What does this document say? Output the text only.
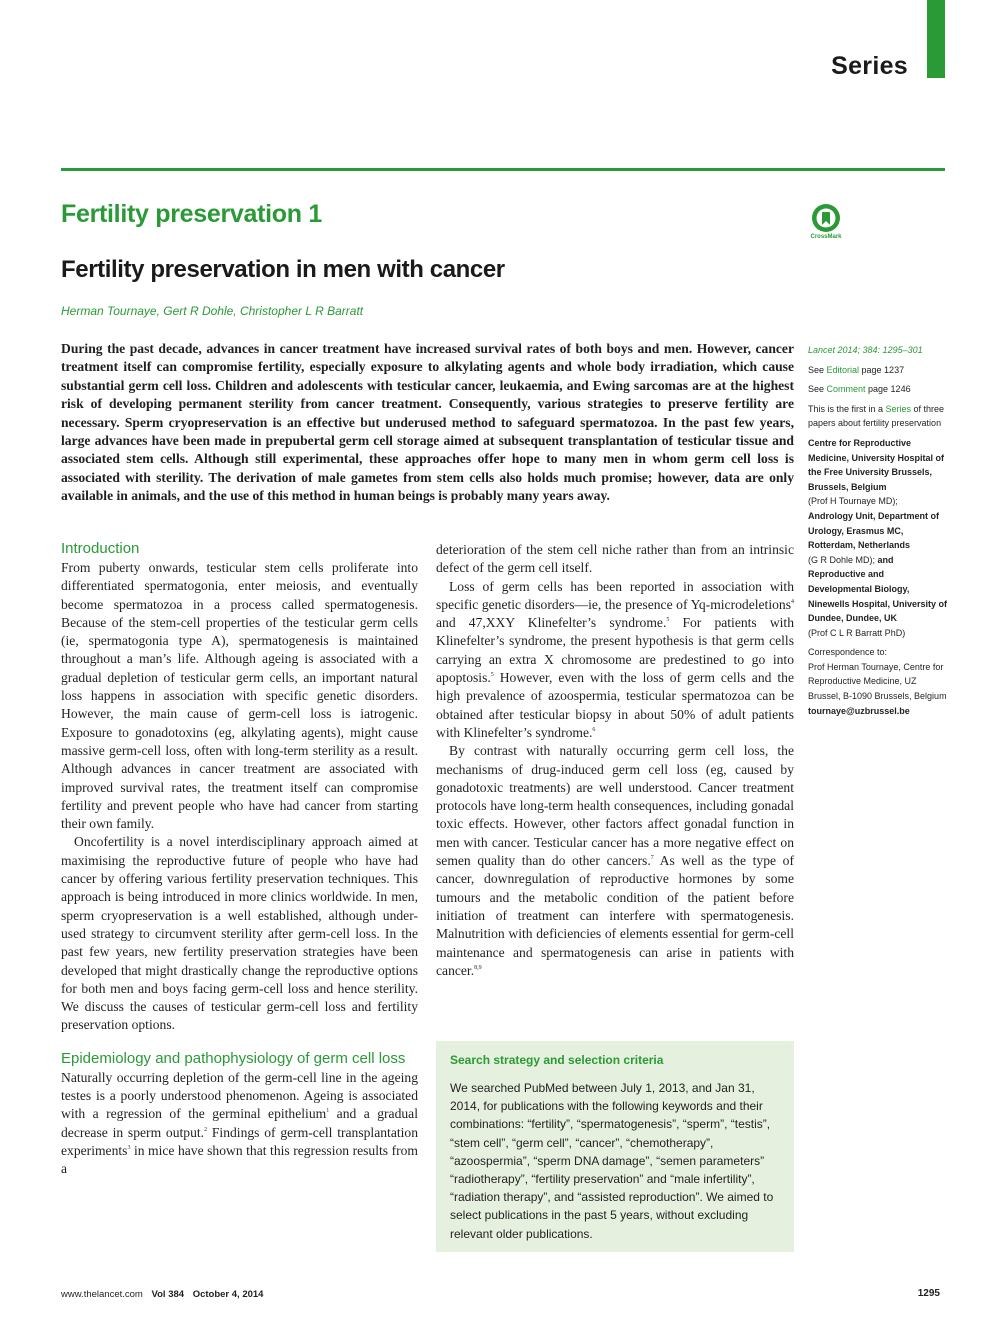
Series
Fertility preservation 1
CrossMark
Fertility preservation in men with cancer
Herman Tournaye, Gert R Dohle, Christopher L R Barratt

During the past decade, advances in cancer treatment have increased survival rates of both boys and men. However, cancer treatment itself can compromise fertility, especially exposure to alkylating agents and whole body irradiation, which cause substantial germ cell loss. Children and adolescents with testicular cancer, leukaemia, and Ewing sarcomas are at the highest risk of developing permanent sterility from cancer treatment. Consequently, various strategies to preserve fertility are necessary. Sperm cryopreservation is an effective but underused method to safeguard spermatozoa. In the past few years, large advances have been made in prepubertal germ cell storage aimed at subsequent transplantation of testicular tissue and associated stem cells. Although still experimental, these approaches offer hope to many men in whom germ cell loss is associated with sterility. The derivation of male gametes from stem cells also holds much promise; however, data are only available in animals, and the use of this method in human beings is probably many years away.

Introduction

From puberty onwards, testicular stem cells proliferate into differentiated spermatogonia, enter meiosis, and eventually become spermatozoa in a process called spermatogenesis. Because of the stem-cell properties of the testicular germ cells (ie, spermatogonia type A), spermatogenesis is maintained throughout a man’s life. Although ageing is associated with a gradual depletion of testicular germ cells, an important natural loss happens in association with specific genetic disorders. However, the main cause of germ-cell loss is iatrogenic. Exposure to gonadotoxins (eg, alkylating agents), might cause massive germ-cell loss, often with long-term sterility as a result. Although advances in cancer treatment are associated with improved survival rates, the treatment itself can compromise fertility and prevent people who have had cancer from starting their own family.

Oncofertility is a novel interdisciplinary approach aimed at maximising the reproductive future of people who have had cancer by offering various fertility preservation techniques. This approach is being introduced in more clinics worldwide. In men, sperm cryopreservation is a well established, although under-used strategy to circumvent sterility after germ-cell loss. In the past few years, new fertility preservation strategies have been developed that might drastically change the reproductive options for both men and boys facing germ-cell loss and hence sterility. We discuss the causes of testicular germ-cell loss and fertility preservation options.

Epidemiology and pathophysiology of germ cell loss

Naturally occurring depletion of the germ-cell line in the ageing testes is a poorly understood phenomenon. Ageing is associated with a regression of the germinal epithelium$^1$ and a gradual decrease in sperm output.$^2$ Findings of germ-cell transplantation experiments$^3$ in mice have shown that this regression results from a

deterioration of the stem cell niche rather than from an intrinsic defect of the germ cell itself.

Loss of germ cells has been reported in association with specific genetic disorders—ie, the presence of Yq-microdeletions$^4$ and 47,XXY Klinefelter’s syndrome.$^5$ For patients with Klinefelter’s syndrome, the present hypothesis is that germ cells carrying an extra X chromosome are predestined to go into apoptosis.$^5$ However, even with the loss of germ cells and the high prevalence of azoospermia, testicular spermatozoa can be obtained after testicular biopsy in about 50% of adult patients with Klinefelter’s syndrome.$^6$

By contrast with naturally occurring germ cell loss, the mechanisms of drug-induced germ cell loss (eg, caused by gonadotoxic treatments) are well understood. Cancer treatment protocols have long-term health consequences, including gonadal toxic effects. However, other factors affect gonadal function in men with cancer. Testicular cancer has a more negative effect on semen quality than do other cancers.$^7$ As well as the type of cancer, downregulation of reproductive hormones by some tumours and the metabolic condition of the patient before initiation of treatment can interfere with spermatogenesis. Malnutrition with deficiencies of elements essential for germ-cell maintenance and spermatogenesis can arise in patients with cancer.$^{8,9}$

Search strategy and selection criteria

We searched PubMed between July 1, 2013, and Jan 31, 2014, for publications with the following keywords and their combinations: “fertility”, “spermatogenesis”, “sperm”, “testis”, “stem cell”, “germ cell”, “cancer”, “chemotherapy”, “azoospermia”, “sperm DNA damage”, “semen parameters” “radiotherapy”, “fertility preservation” and “male infertility”, “radiation therapy”, and “assisted reproduction”. We aimed to select publications in the past 5 years, without excluding relevant older publications.

Lancet 2014; 384: 1295–301
See Editorial page 1237
See Comment page 1246
This is the first in a Series of three papers about fertility preservation
Centre for Reproductive Medicine, University Hospital of the Free University Brussels, Brussels, Belgium
(Prof H Tournaye MD);
Andrology Unit, Department of Urology, Erasmus MC, Rotterdam, Netherlands
(G R Dohle MD); and
Reproductive and Developmental Biology, Ninewells Hospital, University of Dundee, Dundee, UK
(Prof C L R Barratt PhD)
Correspondence to:
Prof Herman Tournaye, Centre for Reproductive Medicine, UZ Brussel, B-1090 Brussels, Belgium
tournaye@uzbrussel.be
www.thelancet.com Vol 384 October 4, 2014	1295
